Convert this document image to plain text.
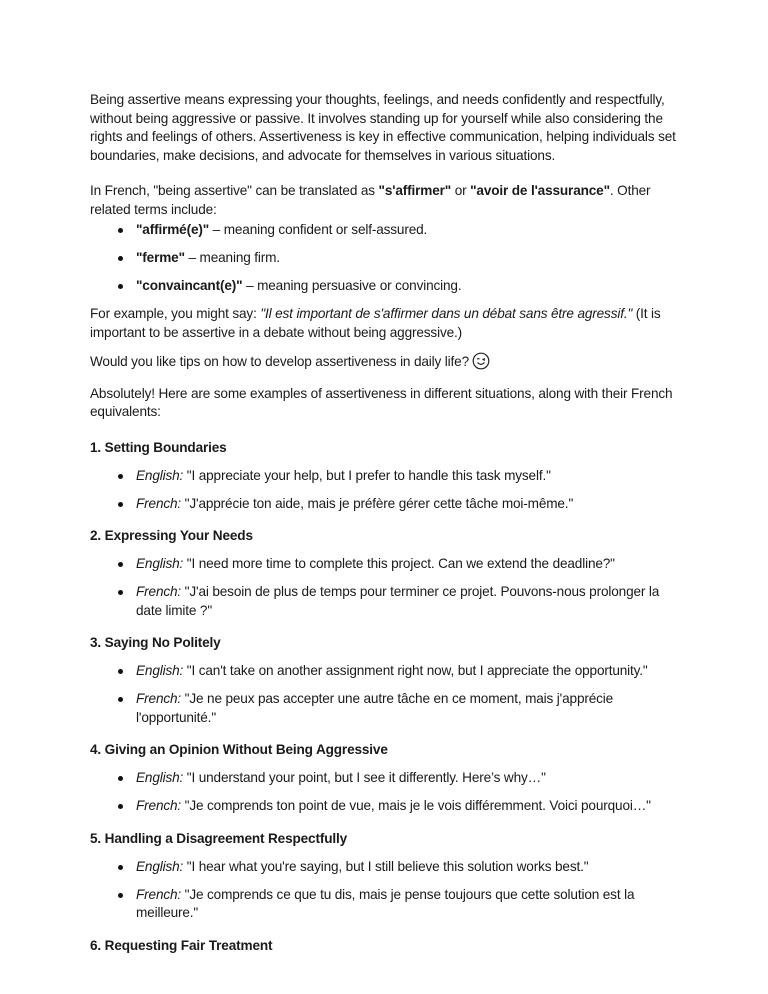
Being assertive means expressing your thoughts, feelings, and needs confidently and respectfully, without being aggressive or passive. It involves standing up for yourself while also considering the rights and feelings of others. Assertiveness is key in effective communication, helping individuals set boundaries, make decisions, and advocate for themselves in various situations.

In French, "being assertive" can be translated as "s'affirmer" or "avoir de l'assurance". Other related terms include:

"affirmé(e)" – meaning confident or self-assured.

"ferme" – meaning firm.

"convaincant(e)" – meaning persuasive or convincing.

For example, you might say: "Il est important de s'affirmer dans un débat sans être agressif." (It is important to be assertive in a debate without being aggressive.)

Would you like tips on how to develop assertiveness in daily life?

Absolutely! Here are some examples of assertiveness in different situations, along with their French equivalents:

1. Setting Boundaries

English: "I appreciate your help, but I prefer to handle this task myself."

French: "J'apprécie ton aide, mais je préfère gérer cette tâche moi-même."

2. Expressing Your Needs

English: "I need more time to complete this project. Can we extend the deadline?"

French: "J'ai besoin de plus de temps pour terminer ce projet. Pouvons-nous prolonger la date limite ?"

3. Saying No Politely

English: "I can't take on another assignment right now, but I appreciate the opportunity."

French: "Je ne peux pas accepter une autre tâche en ce moment, mais j'apprécie l'opportunité."

4. Giving an Opinion Without Being Aggressive

English: "I understand your point, but I see it differently. Here’s why…"

French: "Je comprends ton point de vue, mais je le vois différemment. Voici pourquoi…"

5. Handling a Disagreement Respectfully

English: "I hear what you're saying, but I still believe this solution works best."

French: "Je comprends ce que tu dis, mais je pense toujours que cette solution est la meilleure."

6. Requesting Fair Treatment
